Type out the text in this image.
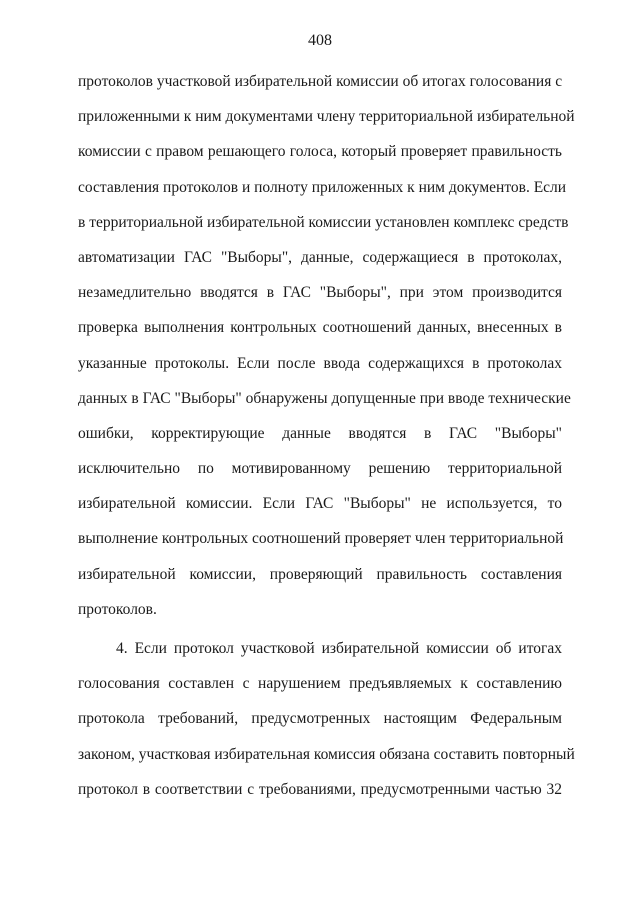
408
протоколов участковой избирательной комиссии об итогах голосования с
приложенными к ним документами члену территориальной избирательной
комиссии с правом решающего голоса, который проверяет правильность
составления протоколов и полноту приложенных к ним документов. Если
в территориальной избирательной комиссии установлен комплекс средств
автоматизации ГАС "Выборы", данные, содержащиеся в протоколах,
незамедлительно вводятся в ГАС "Выборы", при этом производится
проверка выполнения контрольных соотношений данных, внесенных в
указанные протоколы. Если после ввода содержащихся в протоколах
данных в ГАС "Выборы" обнаружены допущенные при вводе технические
ошибки, корректирующие данные вводятся в ГАС "Выборы"
исключительно по мотивированному решению территориальной
избирательной комиссии. Если ГАС "Выборы" не используется, то
выполнение контрольных соотношений проверяет член территориальной
избирательной комиссии, проверяющий правильность составления
протоколов.
4. Если протокол участковой избирательной комиссии об итогах
голосования составлен с нарушением предъявляемых к составлению
протокола требований, предусмотренных настоящим Федеральным
законом, участковая избирательная комиссия обязана составить повторный
протокол в соответствии с требованиями, предусмотренными частью 32
